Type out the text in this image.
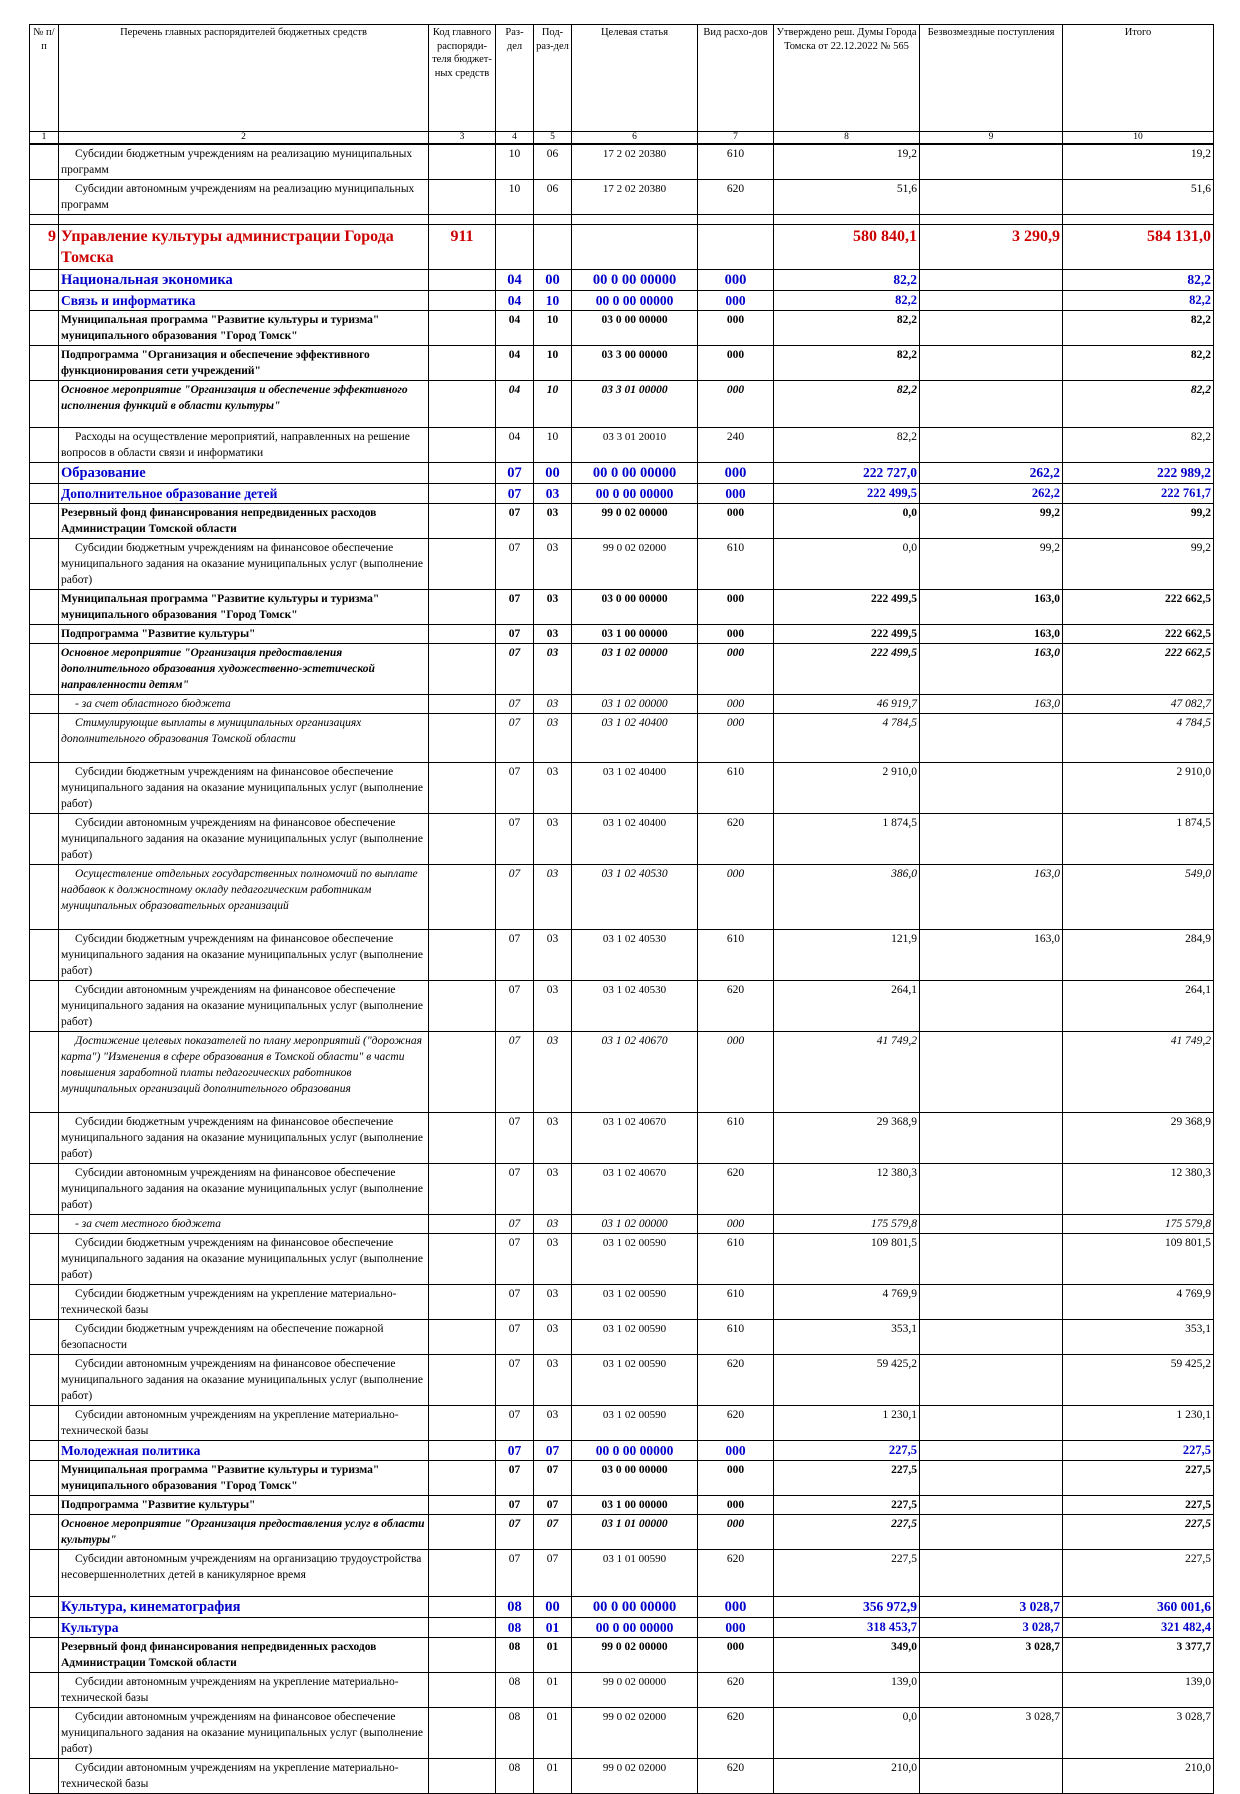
№ п/п	Перечень главных распорядителей бюджетных средств	Код главного распоряди-теля бюджет-ных средств	Раз-дел	Под-раз-дел	Целевая статья	Вид расхо-дов	Утверждено реш. Думы Города Томска от 22.12.2022 № 565	Безвозмездные поступления	Итого
1	2	3	4	5	6	7	8	9	10
	Субсидии бюджетным учреждениям на реализацию муниципальных программ		10	06	17 2 02 20380	610	19,2		19,2
	Субсидии автономным учреждениям на реализацию муниципальных программ		10	06	17 2 02 20380	620	51,6		51,6

9	Управление культуры администрации Города Томска	911					580 840,1	3 290,9	584 131,0
	Национальная экономика		04	00	00 0 00 00000	000	82,2		82,2
	Связь и информатика		04	10	00 0 00 00000	000	82,2		82,2
	Муниципальная программа "Развитие культуры и туризма" муниципального образования "Город Томск"		04	10	03 0 00 00000	000	82,2		82,2
	Подпрограмма "Организация и обеспечение эффективного функционирования сети учреждений"		04	10	03 3 00 00000	000	82,2		82,2
	Основное мероприятие "Организация и обеспечение эффективного исполнения функций в области культуры"		04	10	03 3 01 00000	000	82,2		82,2
	Расходы на осуществление мероприятий, направленных на решение вопросов в области связи и информатики		04	10	03 3 01 20010	240	82,2		82,2
	Образование		07	00	00 0 00 00000	000	222 727,0	262,2	222 989,2
	Дополнительное образование детей		07	03	00 0 00 00000	000	222 499,5	262,2	222 761,7
	Резервный фонд финансирования непредвиденных расходов Администрации Томской области		07	03	99 0 02 00000	000	0,0	99,2	99,2
	Субсидии бюджетным учреждениям на финансовое обеспечение муниципального задания на оказание муниципальных услуг (выполнение работ)		07	03	99 0 02 02000	610	0,0	99,2	99,2
	Муниципальная программа "Развитие культуры и туризма" муниципального образования "Город Томск"		07	03	03 0 00 00000	000	222 499,5	163,0	222 662,5
	Подпрограмма "Развитие культуры"		07	03	03 1 00 00000	000	222 499,5	163,0	222 662,5
	Основное мероприятие "Организация предоставления дополнительного образования художественно-эстетической направленности детям"		07	03	03 1 02 00000	000	222 499,5	163,0	222 662,5
	- за счет областного бюджета		07	03	03 1 02 00000	000	46 919,7	163,0	47 082,7
	Стимулирующие выплаты в муниципальных организациях дополнительного образования Томской области		07	03	03 1 02 40400	000	4 784,5		4 784,5
	Субсидии бюджетным учреждениям на финансовое обеспечение муниципального задания на оказание муниципальных услуг (выполнение работ)		07	03	03 1 02 40400	610	2 910,0		2 910,0
	Субсидии автономным учреждениям на финансовое обеспечение муниципального задания на оказание муниципальных услуг (выполнение работ)		07	03	03 1 02 40400	620	1 874,5		1 874,5
	Осуществление отдельных государственных полномочий по выплате надбавок к должностному окладу педагогическим работникам муниципальных образовательных организаций		07	03	03 1 02 40530	000	386,0	163,0	549,0
	Субсидии бюджетным учреждениям на финансовое обеспечение муниципального задания на оказание муниципальных услуг (выполнение работ)		07	03	03 1 02 40530	610	121,9	163,0	284,9
	Субсидии автономным учреждениям на финансовое обеспечение муниципального задания на оказание муниципальных услуг (выполнение работ)		07	03	03 1 02 40530	620	264,1		264,1
	Достижение целевых показателей по плану мероприятий ("дорожная карта") "Изменения в сфере образования в Томской области" в части повышения заработной платы педагогических работников муниципальных организаций дополнительного образования		07	03	03 1 02 40670	000	41 749,2		41 749,2
	Субсидии бюджетным учреждениям на финансовое обеспечение муниципального задания на оказание муниципальных услуг (выполнение работ)		07	03	03 1 02 40670	610	29 368,9		29 368,9
	Субсидии автономным учреждениям на финансовое обеспечение муниципального задания на оказание муниципальных услуг (выполнение работ)		07	03	03 1 02 40670	620	12 380,3		12 380,3
	- за счет местного бюджета		07	03	03 1 02 00000	000	175 579,8		175 579,8
	Субсидии бюджетным учреждениям на финансовое обеспечение муниципального задания на оказание муниципальных услуг (выполнение работ)		07	03	03 1 02 00590	610	109 801,5		109 801,5
	Субсидии бюджетным учреждениям на укрепление материально-технической базы		07	03	03 1 02 00590	610	4 769,9		4 769,9
	Субсидии бюджетным учреждениям на обеспечение пожарной безопасности		07	03	03 1 02 00590	610	353,1		353,1
	Субсидии автономным учреждениям на финансовое обеспечение муниципального задания на оказание муниципальных услуг (выполнение работ)		07	03	03 1 02 00590	620	59 425,2		59 425,2
	Субсидии автономным учреждениям на укрепление материально-технической базы		07	03	03 1 02 00590	620	1 230,1		1 230,1
	Молодежная политика		07	07	00 0 00 00000	000	227,5		227,5
	Муниципальная программа "Развитие культуры и туризма" муниципального образования "Город Томск"		07	07	03 0 00 00000	000	227,5		227,5
	Подпрограмма "Развитие культуры"		07	07	03 1 00 00000	000	227,5		227,5
	Основное мероприятие "Организация предоставления услуг в области культуры"		07	07	03 1 01 00000	000	227,5		227,5
	Субсидии автономным учреждениям на организацию трудоустройства несовершеннолетних детей в каникулярное время		07	07	03 1 01 00590	620	227,5		227,5
	Культура, кинематография		08	00	00 0 00 00000	000	356 972,9	3 028,7	360 001,6
	Культура		08	01	00 0 00 00000	000	318 453,7	3 028,7	321 482,4
	Резервный фонд финансирования непредвиденных расходов Администрации Томской области		08	01	99 0 02 00000	000	349,0	3 028,7	3 377,7
	Субсидии автономным учреждениям на укрепление материально-технической базы		08	01	99 0 02 00000	620	139,0		139,0
	Субсидии автономным учреждениям на финансовое обеспечение муниципального задания на оказание муниципальных услуг (выполнение работ)		08	01	99 0 02 02000	620	0,0	3 028,7	3 028,7
	Субсидии автономным учреждениям на укрепление материально-технической базы		08	01	99 0 02 02000	620	210,0		210,0
